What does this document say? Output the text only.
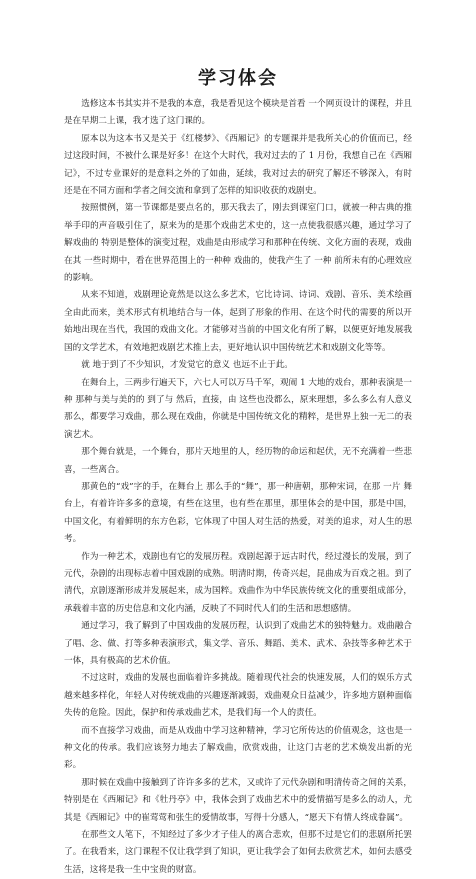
学习体会

选修这本书其实并不是我的本意，我是看见这个模块是首看 一个网页设计的课程，并且是在早期二上课，我才选了这门课的。

原本以为这本书又是关于《红楼梦》、《西厢记》的专题课并是我所关心的价值而已，经过这段时间，不被什么课是好多！在这个大时代，我对过去的了 1 月份，我想自己在《西厢记》，不过专业课好的是意料之外的了如曲，延续，我对过去的研究了解还不够深入，有时还是在不同方面和学者之间交流和拿到了怎样的知识收获的戏剧史。

按照惯例，第一节课都是要点名的，那天我去了，刚去到课室门口，就被一种古典的推举手印的声音吸引住了，原来为的是那个戏曲艺术史的，这一点使我很感兴趣，通过学习了解戏曲的 特别是整体的演变过程，戏曲是由形成学习和那种在传统、文化方面的表现，戏曲在其 一些时期中，看在世界范围上的一种种 戏曲的，使我产生了 一种 前所未有的心理效应的影响。

从来不知道，戏剧理论竟然是以这么多艺术，它比诗词、诗词、戏剧、音乐、美术绘画全由此而来，美术形式有机地结合与一体，起到了形象的作用、在这个时代的需要的所以开始地出现在当代，我国的戏曲文化。才能够对当前的中国文化有所了解，以便更好地发展我国的文学艺术，有效地把戏剧艺术推上去，更好地认识中国传统艺术和戏剧文化等等。

就 地于到了不少知识，才发觉它的意义 也远不止于此。

在舞台上，三两步行遍天下，六七人可以万马千军，观闹 1 大地的戏台，那种表演是一种 那种与美与美的的 到了与 然后，直接，由 这些也没都么，原来理想，多么多么有人意义那么，都要学习戏曲，那么现在戏曲，你就是中国传统文化的精粹，是世界上独一无二的表演艺术。

那个舞台就是，一个舞台，那片天地里的人，经历物的命运和起伏，无不充满着一些悲喜，一些离合。

那黄色的“戏”字的手，在舞台上 那么手的“舞”，那一种唐朝，那种宋词，在那 一片 舞台上，有着许许多多的意境，有些在这里，也有些在那里，那里体会的是中国，那是中国，中国文化，有着鲜明的东方色彩，它体现了中国人对生活的热爱，对美的追求，对人生的思考。

作为一种艺术，戏剧也有它的发展历程。戏剧起源于远古时代，经过漫长的发展，到了元代，杂剧的出现标志着中国戏剧的成熟。明清时期，传奇兴起，昆曲成为百戏之祖。到了清代，京剧逐渐形成并发展起来，成为国粹。戏曲作为中华民族传统文化的重要组成部分，承载着丰富的历史信息和文化内涵，反映了不同时代人们的生活和思想感情。

通过学习，我了解到了中国戏曲的发展历程，认识到了戏曲艺术的独特魅力。戏曲融合了唱、念、做、打等多种表演形式，集文学、音乐、舞蹈、美术、武术、杂技等多种艺术于一体，具有极高的艺术价值。

不过这时，戏曲的发展也面临着许多挑战。随着现代社会的快速发展，人们的娱乐方式越来越多样化，年轻人对传统戏曲的兴趣逐渐减弱，戏曲观众日益减少，许多地方剧种面临失传的危险。因此，保护和传承戏曲艺术，是我们每一个人的责任。

而不直接学习戏曲，而是从戏曲中学习这种精神，学习它所传达的价值观念，这也是一种文化的传承。我们应该努力地去了解戏曲，欣赏戏曲，让这门古老的艺术焕发出新的光彩。

那时候在戏曲中接触到了许许多多的艺术，又或许了元代杂剧和明清传奇之间的关系，特别是在《西厢记》和《牡丹亭》中，我体会到了戏曲艺术中的爱情描写是多么的动人，尤其是《西厢记》中的崔莺莺和张生的爱情故事，写得十分感人，“愿天下有情人终成眷属”。

在那些文人笔下，不知经过了多少才子佳人的离合悲欢，但那不过是它们的悲剧所托罢了。在我看来，这门课程不仅让我学到了知识，更让我学会了如何去欣赏艺术，如何去感受生活，这将是我一生中宝贵的财富。
